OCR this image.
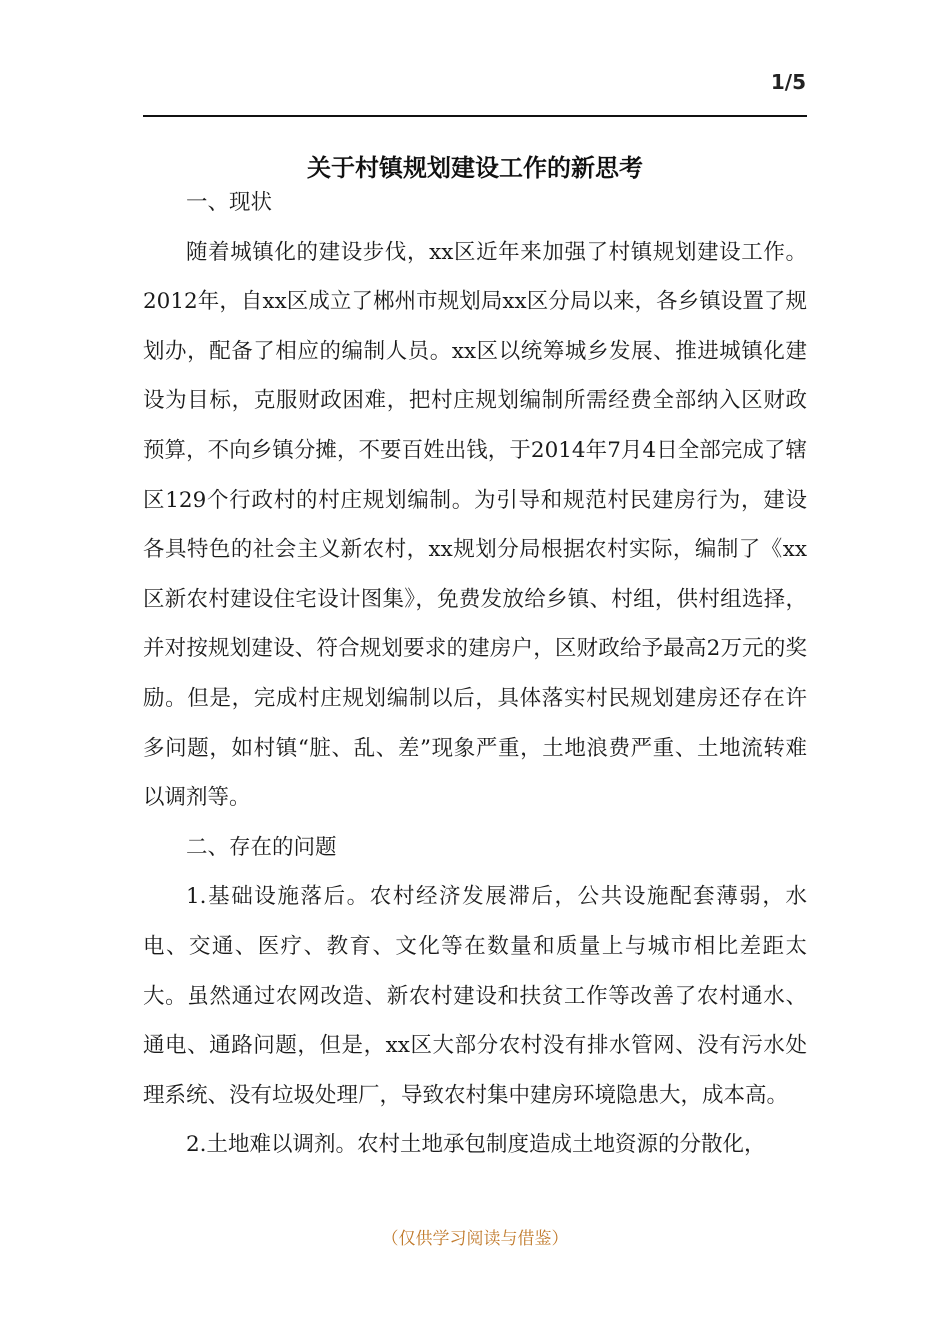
1/5
关于村镇规划建设工作的新思考

一、现状

随着城镇化的建设步伐，xx区近年来加强了村镇规划建设工作。2012年，自xx区成立了郴州市规划局xx区分局以来，各乡镇设置了规划办，配备了相应的编制人员。xx区以统筹城乡发展、推进城镇化建设为目标，克服财政困难，把村庄规划编制所需经费全部纳入区财政预算，不向乡镇分摊，不要百姓出钱，于2014年7月4日全部完成了辖区129个行政村的村庄规划编制。为引导和规范村民建房行为，建设各具特色的社会主义新农村，xx规划分局根据农村实际，编制了《xx区新农村建设住宅设计图集》，免费发放给乡镇、村组，供村组选择，并对按规划建设、符合规划要求的建房户，区财政给予最高2万元的奖励。但是，完成村庄规划编制以后，具体落实村民规划建房还存在许多问题，如村镇“脏、乱、差”现象严重，土地浪费严重、土地流转难以调剂等。

二、存在的问题

1.基础设施落后。农村经济发展滞后，公共设施配套薄弱，水电、交通、医疗、教育、文化等在数量和质量上与城市相比差距太大。虽然通过农网改造、新农村建设和扶贫工作等改善了农村通水、通电、通路问题，但是，xx区大部分农村没有排水管网、没有污水处理系统、没有垃圾处理厂，导致农村集中建房环境隐患大，成本高。

2.土地难以调剂。农村土地承包制度造成土地资源的分散化，

（仅供学习阅读与借鉴）
